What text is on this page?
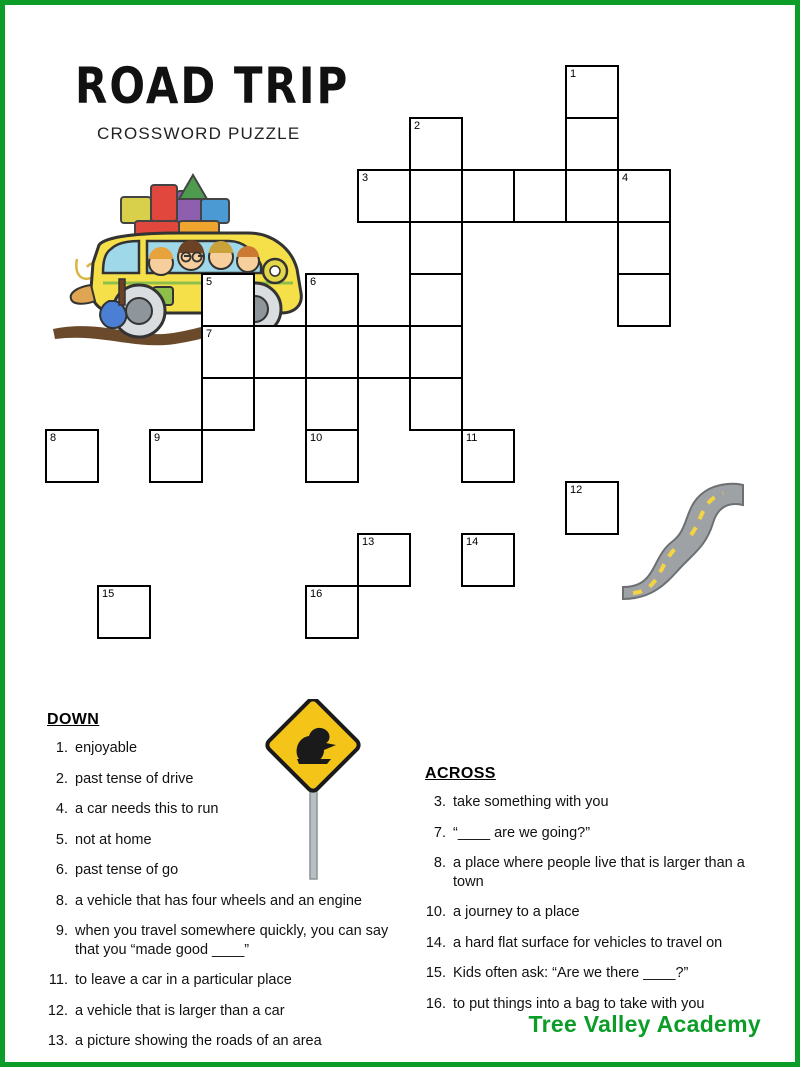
ROAD TRIP
CROSSWORD PUZZLE
1
2
3	4
5	6
7
8	9	10	11
12
13	14
15	16
DOWN
1. enjoyable
2. past tense of drive
4. a car needs this to run
5. not at home
6. past tense of go
8. a vehicle that has four wheels and an engine
9. when you travel somewhere quickly, you can say that you “made good ____”
11. to leave a car in a particular place
12. a vehicle that is larger than a car
13. a picture showing the roads of an area
ACROSS
3. take something with you
7. “____ are we going?”
8. a place where people live that is larger than a town
10. a journey to a place
14. a hard flat surface for vehicles to travel on
15. Kids often ask: “Are we there ____?”
16. to put things into a bag to take with you
Tree Valley Academy
